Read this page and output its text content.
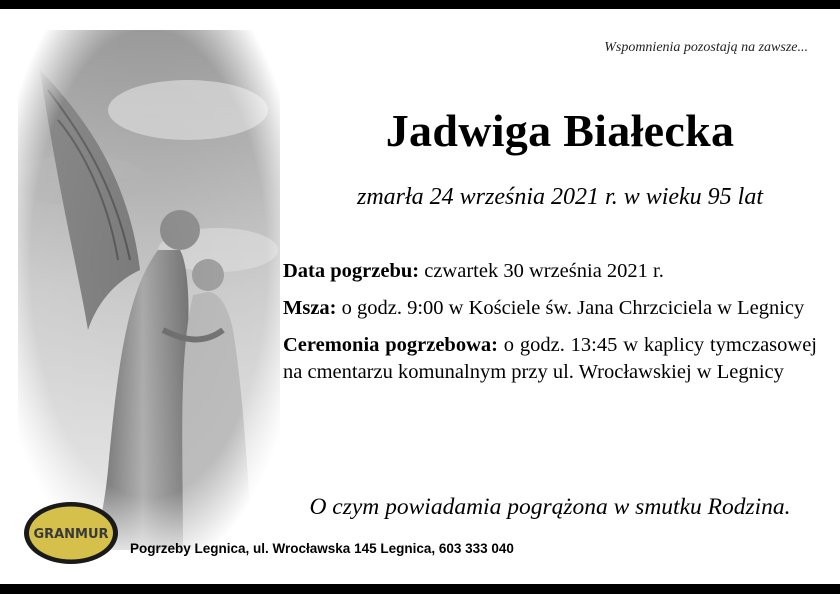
Wspomnienia pozostają na zawsze...
Jadwiga Białecka
zmarła 24 września 2021 r. w wieku 95 lat

Data pogrzebu: czwartek 30 września 2021 r.

Msza: o godz. 9:00 w Kościele św. Jana Chrzciciela w Legnicy

Ceremonia pogrzebowa: o godz. 13:45 w kaplicy tymczasowej na cmentarzu komunalnym przy ul. Wrocławskiej w Legnicy

O czym powiadamia pogrążona w smutku Rodzina.
GRANMUR
Pogrzeby Legnica, ul. Wrocławska 145 Legnica, 603 333 040
